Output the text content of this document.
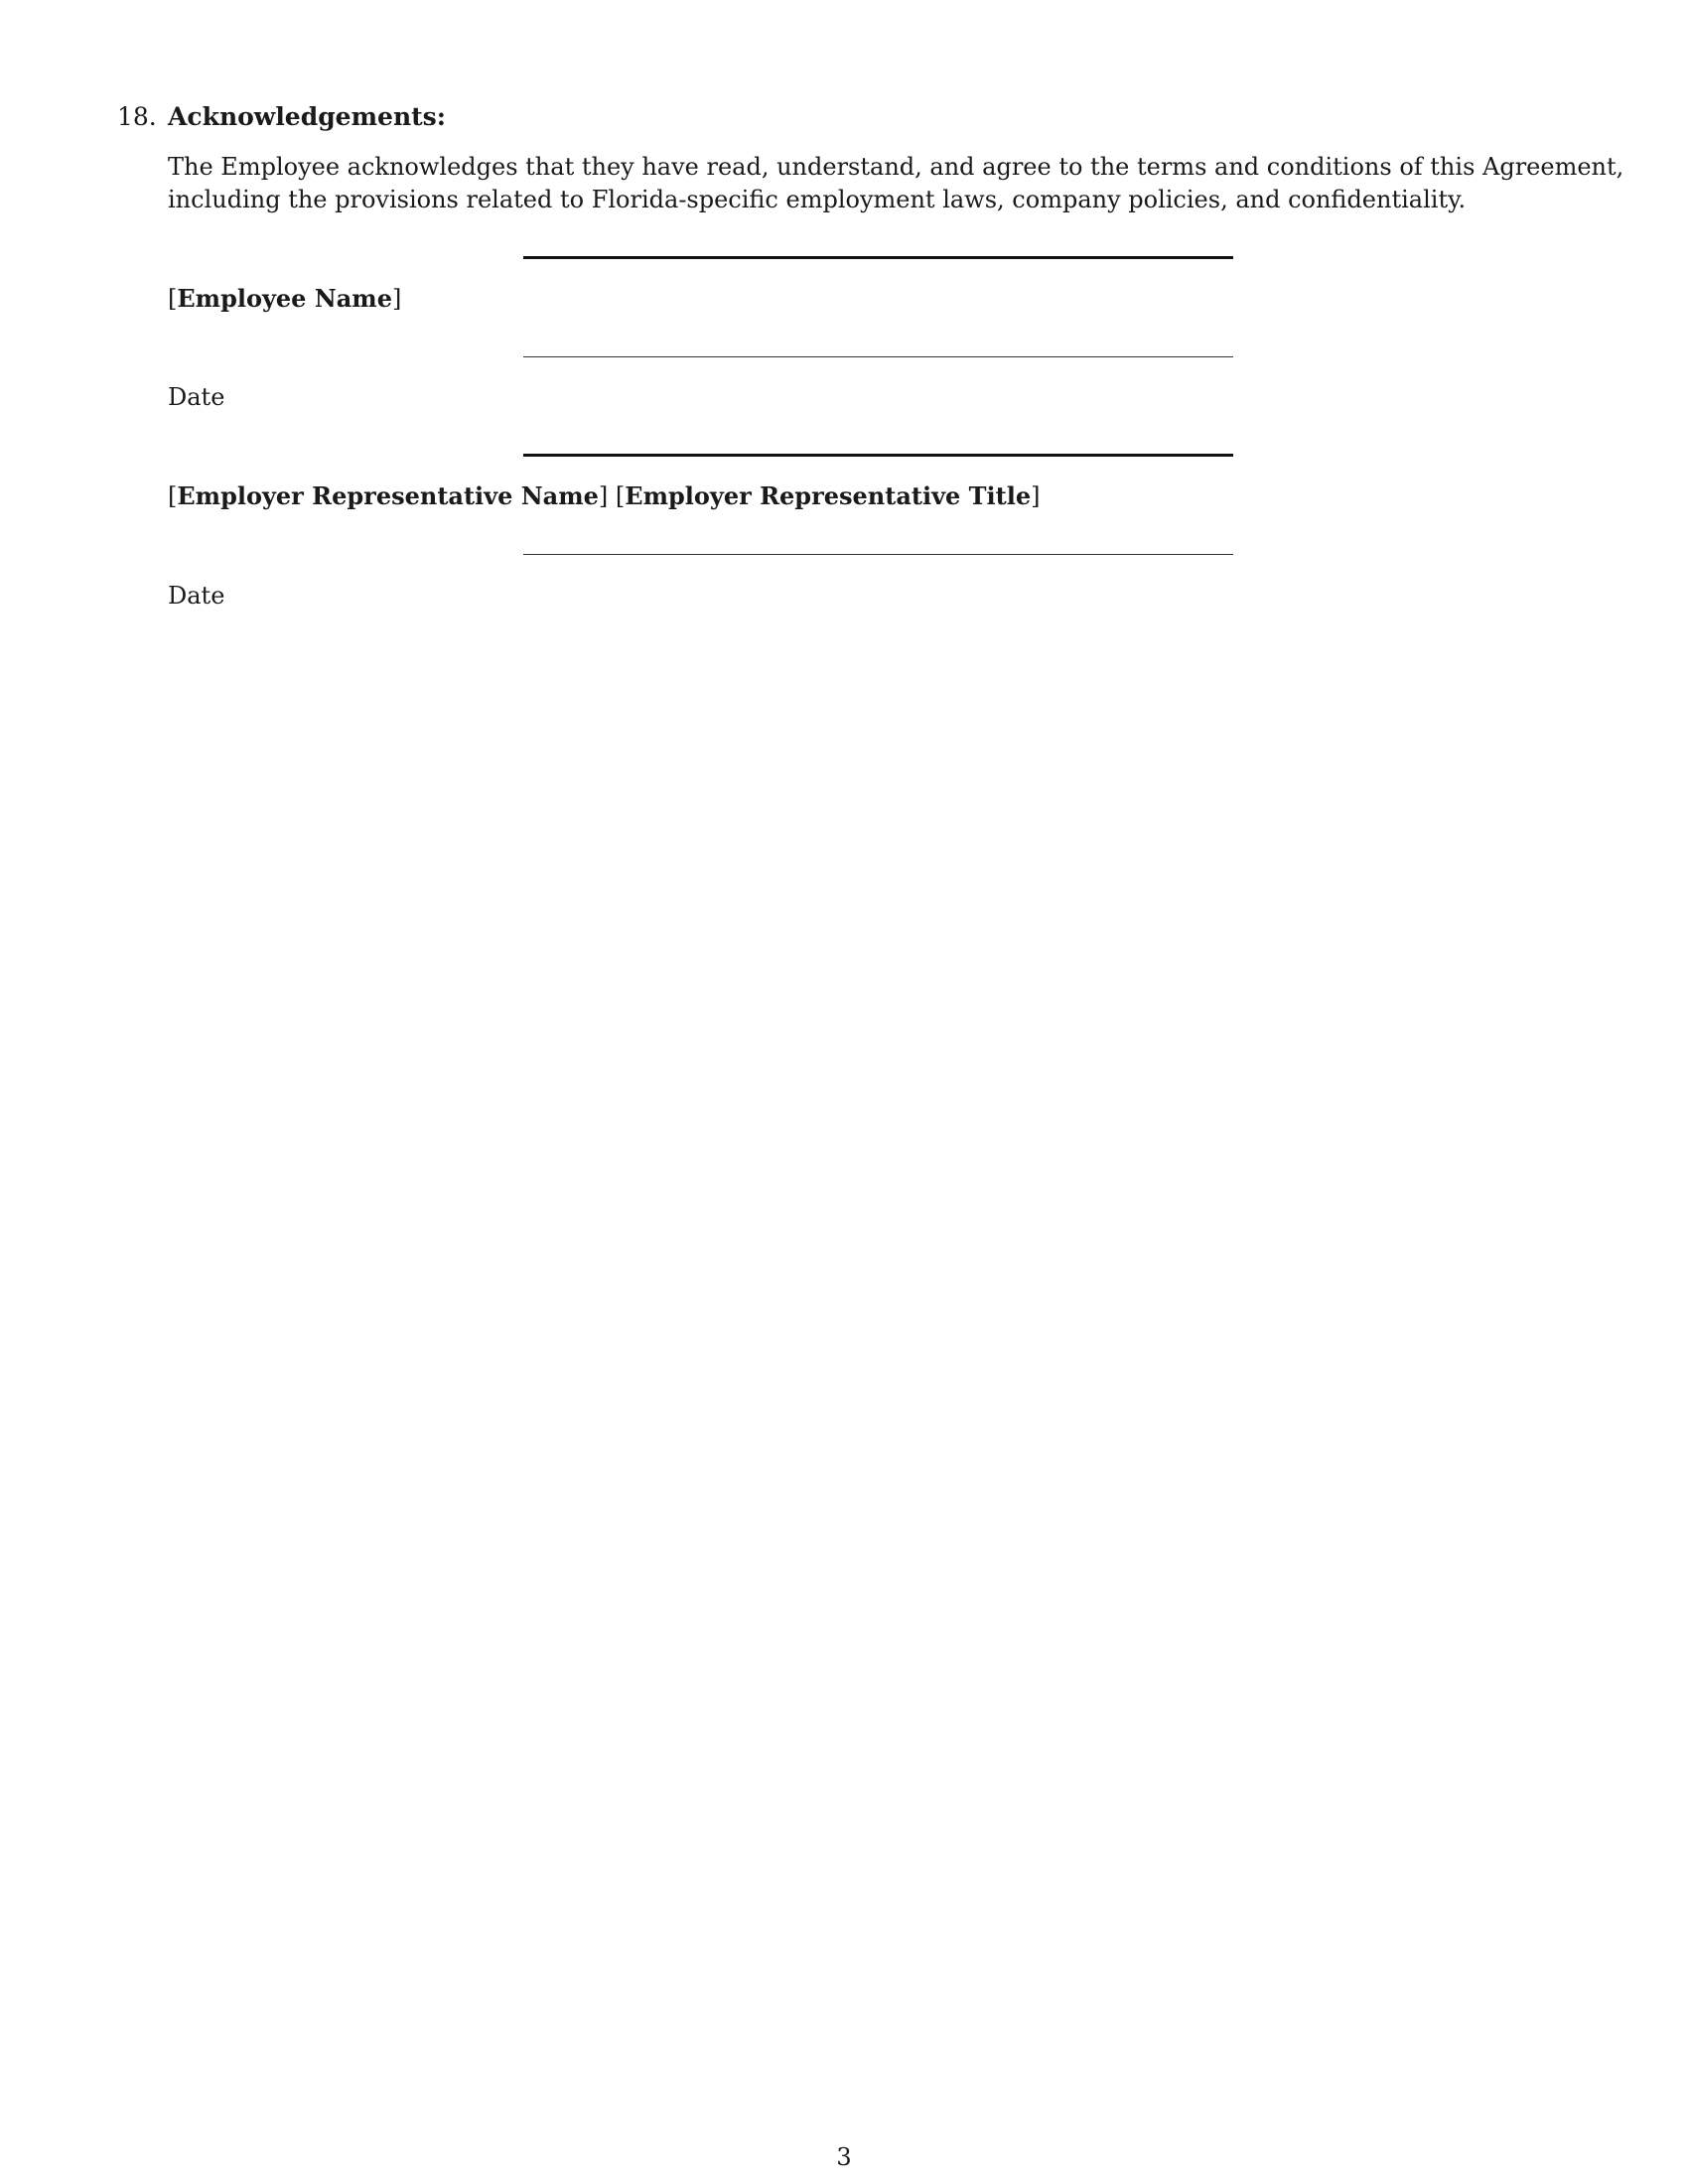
18. Acknowledgements:
The Employee acknowledges that they have read, understand, and agree to the terms and conditions of this Agreement,
including the provisions related to Florida-specific employment laws, company policies, and confidentiality.
[Employee Name]
Date
[Employer Representative Name] [Employer Representative Title]
Date
3
